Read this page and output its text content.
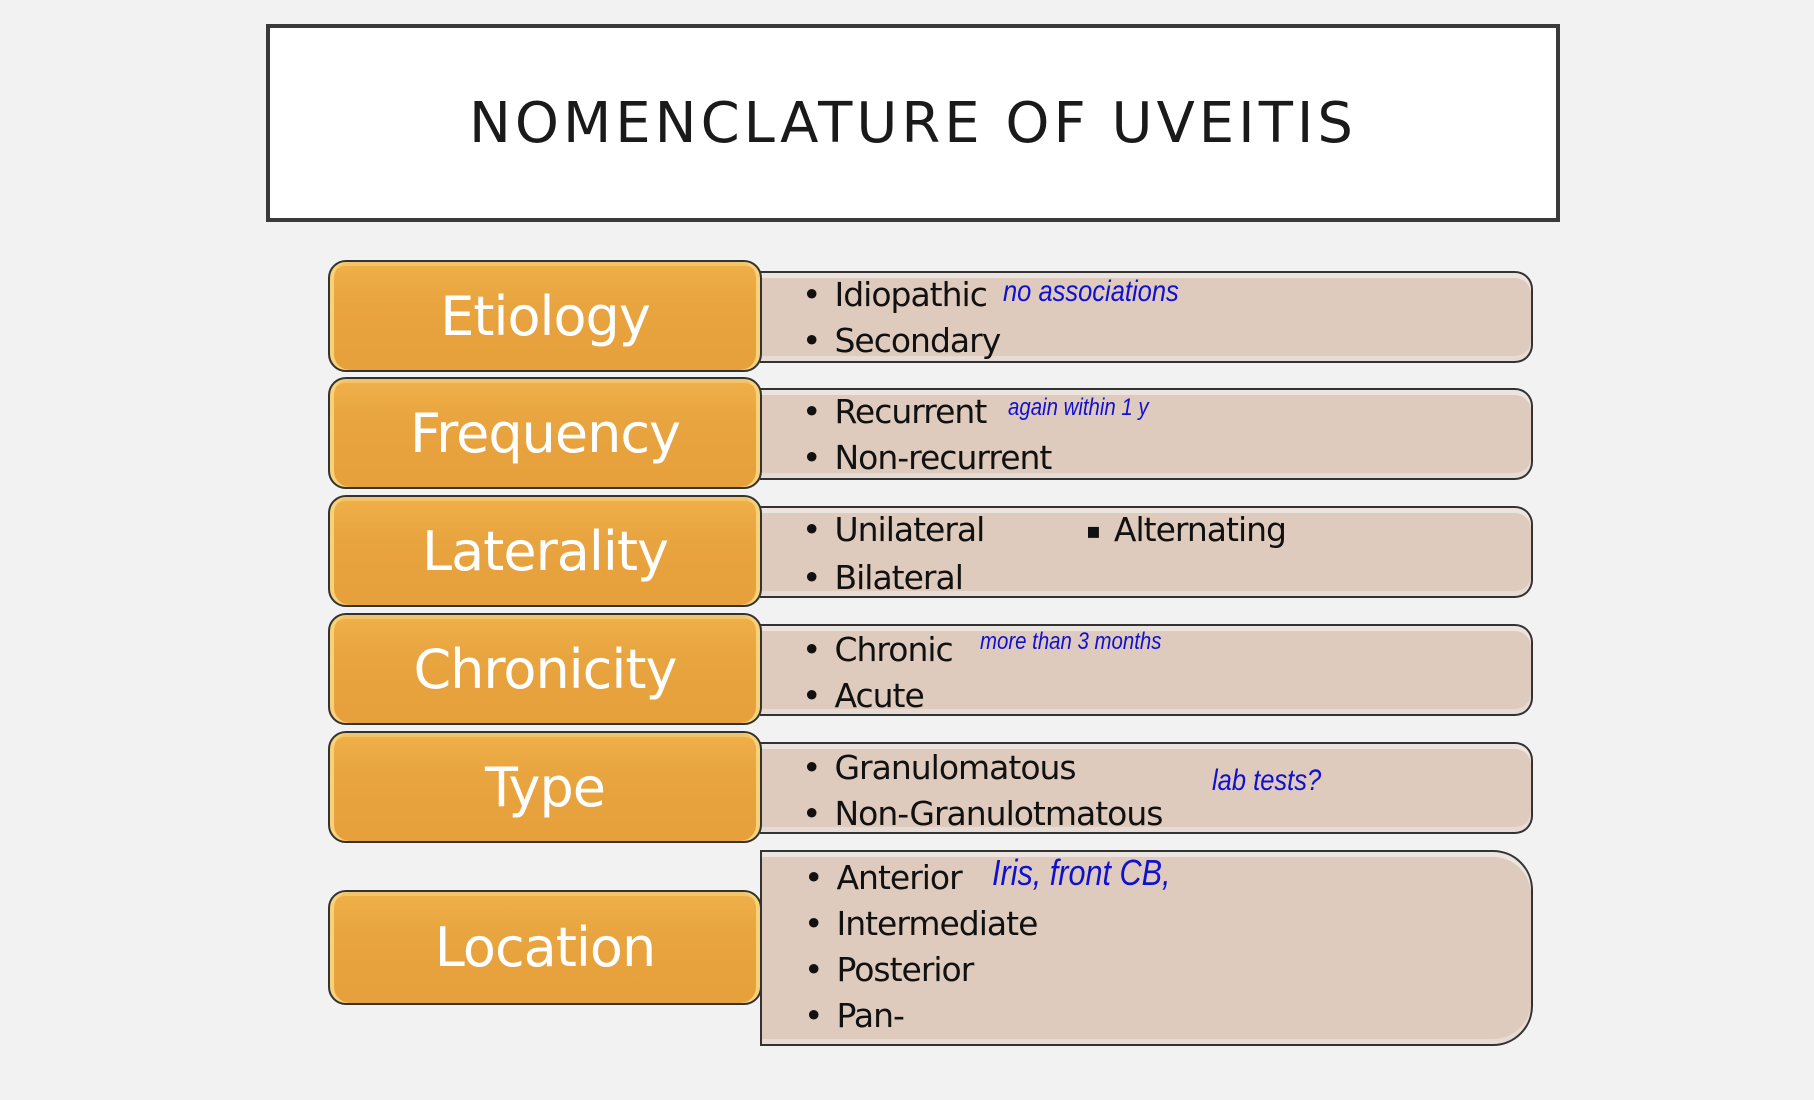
NOMENCLATURE OF UVEITIS
Etiology	• Idiopathic
• Secondary
no associations
Frequency	• Recurrent
• Non-recurrent
again within 1 y
Laterality	• Unilateral
• Bilateral
▪ Alternating
Chronicity	• Chronic
• Acute
more than 3 months
Type	• Granulomatous
• Non-Granulotmatous
lab tests?
Location
• Anterior
• Intermediate
• Posterior
• Pan-
Iris, front CB,
